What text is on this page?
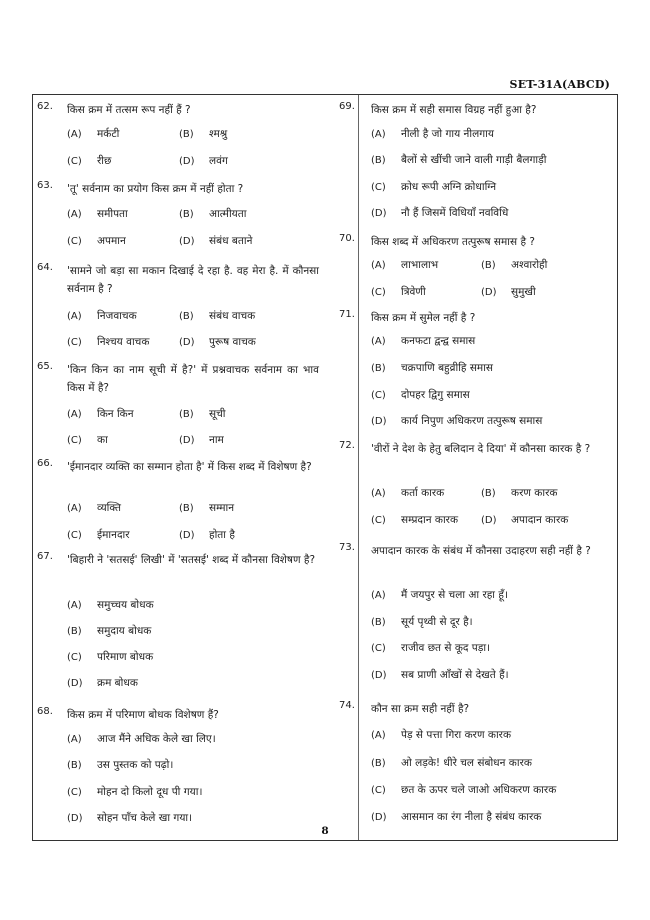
SET-31A(ABCD)
62. किस क्रम में तत्सम रूप नहीं हैं ?
(A) मर्कटी	(B) श्मश्रु
(C) रीछ	(D) लवंग
63. 'तू' सर्वनाम का प्रयोग किस क्रम में नहीं होता ?
(A) समीपता	(B) आत्मीयता
(C) अपमान	(D) संबंध बताने
64. 'सामने जो बड़ा सा मकान दिखाई दे रहा है. वह मेरा है. में कौनसा सर्वनाम है ?
(A) निजवाचक	(B) संबंध वाचक
(C) निश्चय वाचक	(D) पुरूष वाचक
65. 'किन किन का नाम सूची में है?' में प्रश्नवाचक सर्वनाम का भाव किस में है?
(A) किन किन	(B) सूची
(C) का	(D) नाम
66. 'ईमानदार व्यक्ति का सम्मान होता है' में किस शब्द में विशेषण है?
(A) व्यक्ति	(B) सम्मान
(C) ईमानदार	(D) होता है
67. 'बिहारी ने 'सतसई' लिखी' में 'सतसई' शब्द में कौनसा विशेषण है?
(A) समुच्चय बोधक
(B) समुदाय बोधक
(C) परिमाण बोधक
(D) क्रम बोधक
68. किस क्रम में परिमाण बोधक विशेषण हैं?
(A) आज मैंने अधिक केले खा लिए।
(B) उस पुस्तक को पढ़ो।
(C) मोहन दो किलो दूध पी गया।
(D) सोहन पाँच केले खा गया।
69. किस क्रम में सही समास विग्रह नहीं हुआ है?
(A) नीली है जो गाय नीलगाय
(B) बैलों से खींची जाने वाली गाड़ी बैलगाड़ी
(C) क्रोध रूपी अग्नि क्रोधाग्नि
(D) नौ हैं जिसमें विधियाँ नवविधि
70. किस शब्द में अधिकरण तत्पुरूष समास है ?
(A) लाभालाभ	(B) अश्वारोही
(C) त्रिवेणी	(D) सुमुखी
71. किस क्रम में सुमेल नहीं है ?
(A) कनफटा द्वन्द्व समास
(B) चक्रपाणि बहुव्रीहि समास
(C) दोपहर द्विगु समास
(D) कार्य निपुण अधिकरण तत्पुरूष समास
72. 'वीरों ने देश के हेतु बलिदान दे दिया' में कौनसा कारक है ?
(A) कर्ता कारक	(B) करण कारक
(C) सम्प्रदान कारक (D) अपादान कारक
73. अपादान कारक के संबंध में कौनसा उदाहरण सही नहीं है ?
(A) मैं जयपुर से चला आ रहा हूँ।
(B) सूर्य पृथ्वी से दूर है।
(C) राजीव छत से कूद पड़ा।
(D) सब प्राणी आँखों से देखते हैं।
74. कौन सा क्रम सही नहीं है?
(A) पेड़ से पत्ता गिरा करण कारक
(B) ओ लड़के! धीरे चल संबोधन कारक
(C) छत के ऊपर चले जाओ अधिकरण कारक
(D) आसमान का रंग नीला है संबंध कारक
8
